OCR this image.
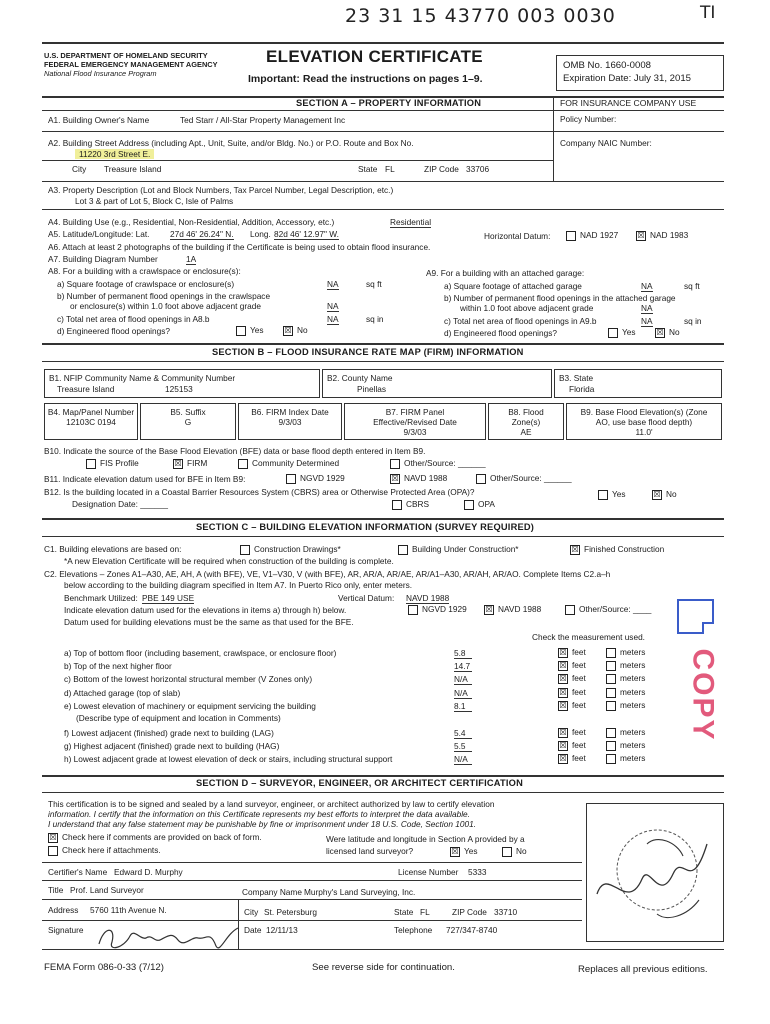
23 31 15 43770 003 0030	TI
U.S. DEPARTMENT OF HOMELAND SECURITY
FEDERAL EMERGENCY MANAGEMENT AGENCY
National Flood Insurance Program
ELEVATION CERTIFICATE
Important: Read the instructions on pages 1–9.
OMB No. 1660-0008
Expiration Date: July 31, 2015
SECTION A – PROPERTY INFORMATION	FOR INSURANCE COMPANY USE
Policy Number:
A1. Building Owner's Name	Ted Starr / All-Star Property Management Inc
A2. Building Street Address (including Apt., Unit, Suite, and/or Bldg. No.) or P.O. Route and Box No.	Company NAIC Number:
11220 3rd Street E.
City Treasure Island	State FL	ZIP Code 33706
A3. Property Description (Lot and Block Numbers, Tax Parcel Number, Legal Description, etc.)
Lot 3 & part of Lot 5, Block C, Isle of Palms
A4. Building Use (e.g., Residential, Non-Residential, Addition, Accessory, etc.)	Residential
A5. Latitude/Longitude: Lat. 27d 46' 26.24" N. Long. 82d 46' 12.97" W.	Horizontal Datum:	NAD 1927 ☒ NAD 1983
A6. Attach at least 2 photographs of the building if the Certificate is being used to obtain flood insurance.
A7. Building Diagram Number	1A
A8. For a building with a crawlspace or enclosure(s):
a) Square footage of crawlspace or enclosure(s)	NA	sq ft
b) Number of permanent flood openings in the crawlspace
or enclosure(s) within 1.0 foot above adjacent grade	NA
c) Total net area of flood openings in A8.b	NA	sq in
d) Engineered flood openings?	Yes	☒ No
A9. For a building with an attached garage:
a) Square footage of attached garage	NA	sq ft
b) Number of permanent flood openings in the attached garage
within 1.0 foot above adjacent grade	NA
c) Total net area of flood openings in A9.b	NA	sq in
d) Engineered flood openings?	Yes	☒ No
SECTION B – FLOOD INSURANCE RATE MAP (FIRM) INFORMATION
B1. NFIP Community Name & Community Number
Treasure Island	125153
B2. County Name
Pinellas
B3. State
Florida
B4. Map/Panel Number
12103C 0194
B5. Suffix
G
B6. FIRM Index Date
9/3/03
B7. FIRM Panel
Effective/Revised Date
9/3/03
B8. Flood
Zone(s)
AE
B9. Base Flood Elevation(s) (Zone
AO, use base flood depth)
11.0'
B10. Indicate the source of the Base Flood Elevation (BFE) data or base flood depth entered in Item B9.
FIS Profile	☒ FIRM	Community Determined	Other/Source: ______
B11. Indicate elevation datum used for BFE in Item B9:	NGVD 1929	☒ NAVD 1988	Other/Source: ______
B12. Is the building located in a Coastal Barrier Resources System (CBRS) area or Otherwise Protected Area (OPA)?	Yes	☒ No
Designation Date: ______	CBRS	OPA
SECTION C – BUILDING ELEVATION INFORMATION (SURVEY REQUIRED)
C1. Building elevations are based on:	Construction Drawings*	Building Under Construction*	☒ Finished Construction
*A new Elevation Certificate will be required when construction of the building is complete.
C2. Elevations – Zones A1–A30, AE, AH, A (with BFE), VE, V1–V30, V (with BFE), AR, AR/A, AR/AE, AR/A1–A30, AR/AH, AR/AO. Complete Items C2.a–h
below according to the building diagram specified in Item A7. In Puerto Rico only, enter meters.
Benchmark Utilized: PBE 149 USE	Vertical Datum: NAVD 1988
Indicate elevation datum used for the elevations in items a) through h) below.	NGVD 1929 ☒ NAVD 1988	Other/Source: ____
Datum used for building elevations must be the same as that used for the BFE.
Check the measurement used.
a) Top of bottom floor (including basement, crawlspace, or enclosure floor)	5.8	☒ feet	meters
b) Top of the next higher floor	14.7	☒ feet	meters
c) Bottom of the lowest horizontal structural member (V Zones only)	N/A	☒ feet	meters
d) Attached garage (top of slab)	N/A	☒ feet	meters
e) Lowest elevation of machinery or equipment servicing the building	8.1	☒ feet	meters
(Describe type of equipment and location in Comments)
f) Lowest adjacent (finished) grade next to building (LAG)	5.4	☒ feet	meters
g) Highest adjacent (finished) grade next to building (HAG)	5.5	☒ feet	meters
h) Lowest adjacent grade at lowest elevation of deck or stairs, including structural support	N/A	☒ feet	meters
COPY
SECTION D – SURVEYOR, ENGINEER, OR ARCHITECT CERTIFICATION
This certification is to be signed and sealed by a land surveyor, engineer, or architect authorized by law to certify elevation
information. I certify that the information on this Certificate represents my best efforts to interpret the data available.
I understand that any false statement may be punishable by fine or imprisonment under 18 U.S. Code, Section 1001.
☒ Check here if comments are provided on back of form.
Check here if attachments.
Were latitude and longitude in Section A provided by a
licensed land surveyor?	☒ Yes	No
Certifier's Name Edward D. Murphy	License Number 5333
Title Prof. Land Surveyor	Company Name Murphy's Land Surveying, Inc.
Address 5760 11th Avenue N.	City St. Petersburg	State FL	ZIP Code 33710
Signature	Date 12/11/13	Telephone 727/347-8740
FEMA Form 086-0-33 (7/12)	See reverse side for continuation.	Replaces all previous editions.
